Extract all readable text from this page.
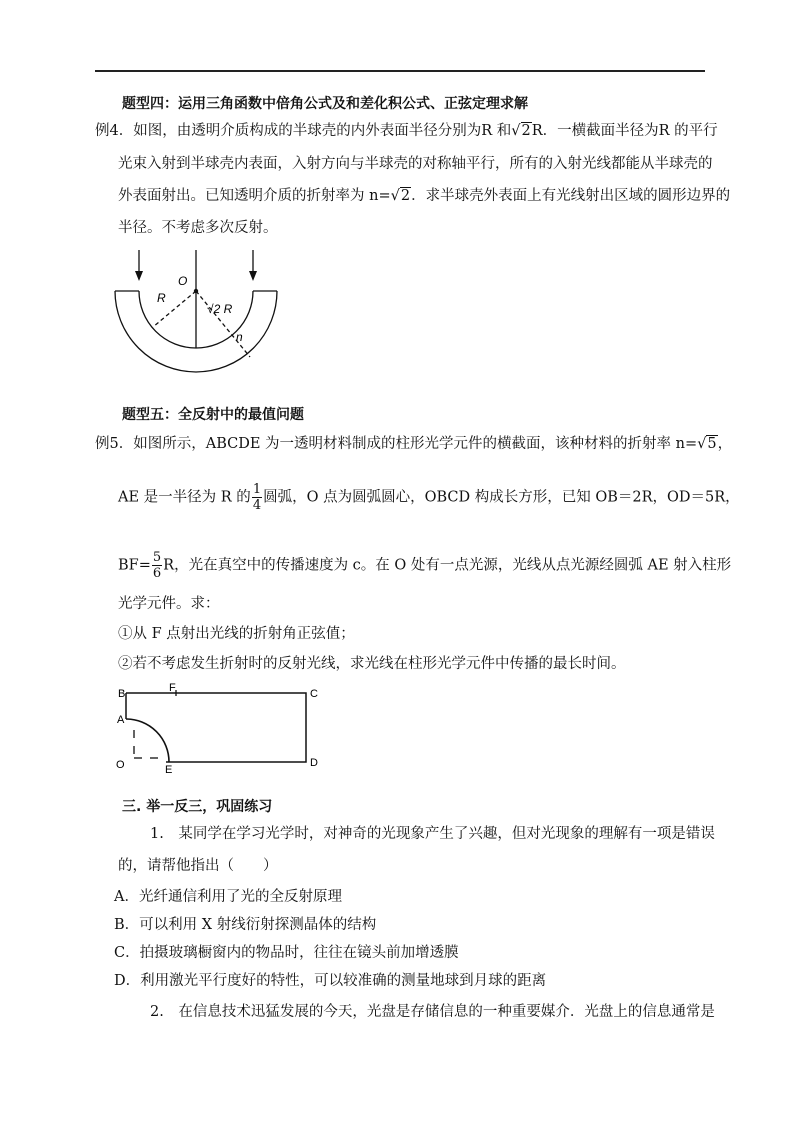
题型四：运用三角函数中倍角公式及和差化积公式、正弦定理求解
例4．如图，由透明介质构成的半球壳的内外表面半径分别为R 和√2R．一横截面半径为R 的平行
光束入射到半球壳内表面，入射方向与半球壳的对称轴平行，所有的入射光线都能从半球壳的
外表面射出。已知透明介质的折射率为 n=√2．求半球壳外表面上有光线射出区域的圆形边界的
半径。不考虑多次反射。
O
R
√2 R
n
题型五：全反射中的最值问题
例5．如图所示，ABCDE 为一透明材料制成的柱形光学元件的横截面，该种材料的折射率 n=√5，
AE 是一半径为 R 的 $\frac{1}{4}$ 圆弧，O 点为圆弧圆心，OBCD 构成长方形，已知 OB＝2R，OD＝5R，
$BF= \frac{5}{6}$ R，光在真空中的传播速度为 c。在 O 处有一点光源，光线从点光源经圆弧 AE 射入柱形
光学元件。求：
①从 F 点射出光线的折射角正弦值；
②若不考虑发生折射时的反射光线，求光线在柱形光学元件中传播的最长时间。
B	F	C
A
O	E
D
三. 举一反三，巩固练习
1.　某同学在学习光学时，对神奇的光现象产生了兴趣，但对光现象的理解有一项是错误
的，请帮他指出（　　）
A．光纤通信利用了光的全反射原理
B．可以利用 X 射线衍射探测晶体的结构
C．拍摄玻璃橱窗内的物品时，往往在镜头前加增透膜
D．利用激光平行度好的特性，可以较准确的测量地球到月球的距离
2.　在信息技术迅猛发展的今天，光盘是存储信息的一种重要媒介．光盘上的信息通常是
